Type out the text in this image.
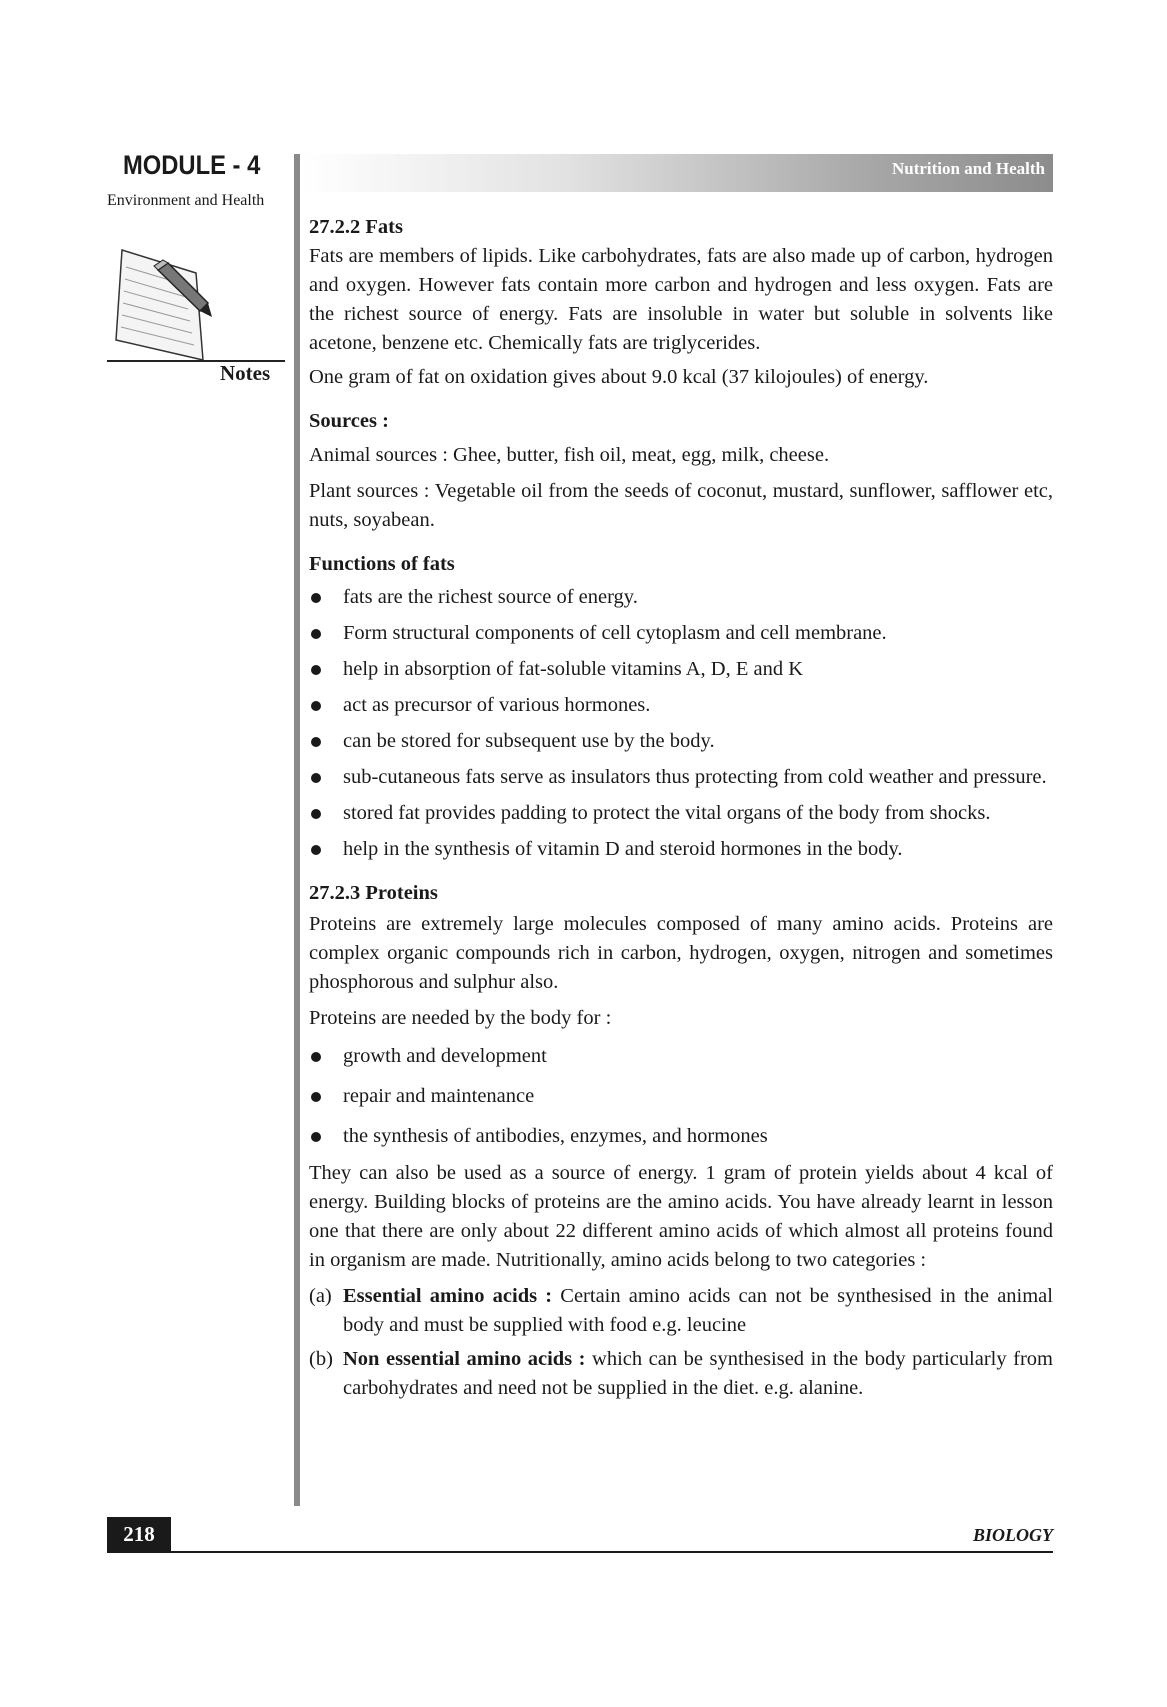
MODULE - 4
Environment and Health
Notes
Nutrition and Health
27.2.2 Fats

Fats are members of lipids. Like carbohydrates, fats are also made up of carbon, hydrogen and oxygen. However fats contain more carbon and hydrogen and less oxygen. Fats are the richest source of energy. Fats are insoluble in water but soluble in solvents like acetone, benzene etc. Chemically fats are triglycerides.

One gram of fat on oxidation gives about 9.0 kcal (37 kilojoules) of energy.

Sources :

Animal sources : Ghee, butter, fish oil, meat, egg, milk, cheese.

Plant sources : Vegetable oil from the seeds of coconut, mustard, sunflower, safflower etc, nuts, soyabean.

Functions of fats
fats are the richest source of energy.
Form structural components of cell cytoplasm and cell membrane.
help in absorption of fat-soluble vitamins A, D, E and K
act as precursor of various hormones.
can be stored for subsequent use by the body.
sub-cutaneous fats serve as insulators thus protecting from cold weather and pressure.
stored fat provides padding to protect the vital organs of the body from shocks.
help in the synthesis of vitamin D and steroid hormones in the body.
27.2.3 Proteins

Proteins are extremely large molecules composed of many amino acids. Proteins are complex organic compounds rich in carbon, hydrogen, oxygen, nitrogen and sometimes phosphorous and sulphur also.

Proteins are needed by the body for :

growth and development
repair and maintenance
the synthesis of antibodies, enzymes, and hormones

They can also be used as a source of energy. 1 gram of protein yields about 4 kcal of energy. Building blocks of proteins are the amino acids. You have already learnt in lesson one that there are only about 22 different amino acids of which almost all proteins found in organism are made. Nutritionally, amino acids belong to two categories :

(a) Essential amino acids : Certain amino acids can not be synthesised in the animal body and must be supplied with food e.g. leucine
(b) Non essential amino acids : which can be synthesised in the body particularly from carbohydrates and need not be supplied in the diet. e.g. alanine.
218	BIOLOGY
